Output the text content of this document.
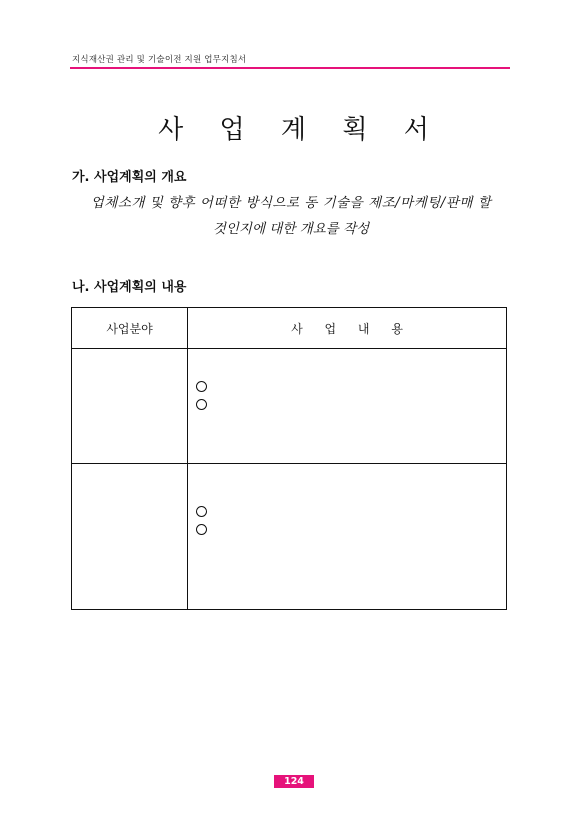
지식재산권 관리 및 기술이전 지원 업무지침서
사 업 계 획 서
가. 사업계획의 개요
업체소개 및 향후 어떠한 방식으로 동 기술을 제조/마케팅/판매 할
것인지에 대한 개요를 작성
나. 사업계획의 내용
사업분야	사 업 내 용

124
